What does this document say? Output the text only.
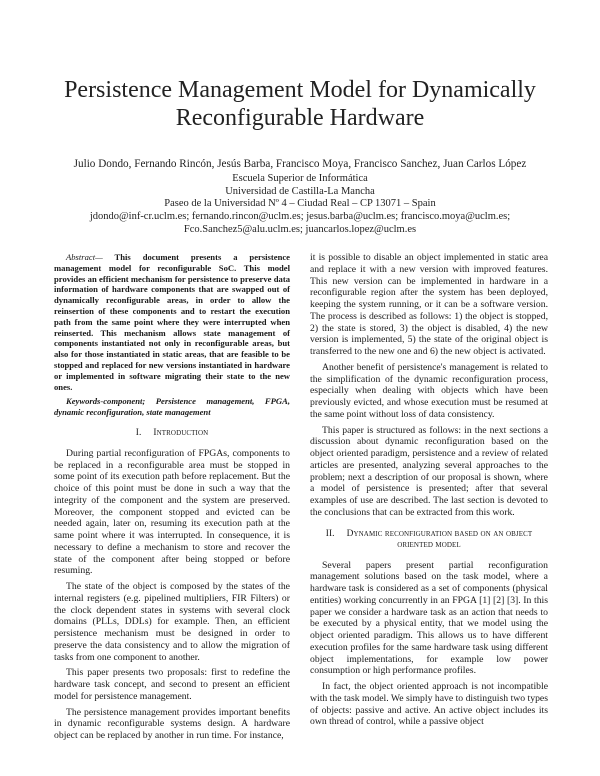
Persistence Management Model for Dynamically
Reconfigurable Hardware
Julio Dondo, Fernando Rincón, Jesús Barba, Francisco Moya, Francisco Sanchez, Juan Carlos López
Escuela Superior de Informática
Universidad de Castilla-La Mancha
Paseo de la Universidad Nº 4 – Ciudad Real – CP 13071 – Spain
jdondo@inf-cr.uclm.es; fernando.rincon@uclm.es; jesus.barba@uclm.es; francisco.moya@uclm.es;
Fco.Sanchez5@alu.uclm.es; juancarlos.lopez@uclm.es

Abstract— This document presents a persistence management model for reconfigurable SoC. This model provides an efficient mechanism for persistence to preserve data information of hardware components that are swapped out of dynamically reconfigurable areas, in order to allow the reinsertion of these components and to restart the execution path from the same point where they were interrupted when reinserted. This mechanism allows state management of components instantiated not only in reconfigurable areas, but also for those instantiated in static areas, that are feasible to be stopped and replaced for new versions instantiated in hardware or implemented in software migrating their state to the new ones.

Keywords-component; Persistence management, FPGA, dynamic reconfiguration, state management

I. Introduction

During partial reconfiguration of FPGAs, components to be replaced in a reconfigurable area must be stopped in some point of its execution path before replacement. But the choice of this point must be done in such a way that the integrity of the component and the system are preserved. Moreover, the component stopped and evicted can be needed again, later on, resuming its execution path at the same point where it was interrupted. In consequence, it is necessary to define a mechanism to store and recover the state of the component after being stopped or before resuming.

The state of the object is composed by the states of the internal registers (e.g. pipelined multipliers, FIR Filters) or the clock dependent states in systems with several clock domains (PLLs, DDLs) for example. Then, an efficient persistence mechanism must be designed in order to preserve the data consistency and to allow the migration of tasks from one component to another.

This paper presents two proposals: first to redefine the hardware task concept, and second to present an efficient model for persistence management.

The persistence management provides important benefits in dynamic reconfigurable systems design. A hardware object can be replaced by another in run time. For instance,

it is possible to disable an object implemented in static area and replace it with a new version with improved features. This new version can be implemented in hardware in a reconfigurable region after the system has been deployed, keeping the system running, or it can be a software version. The process is described as follows: 1) the object is stopped, 2) the state is stored, 3) the object is disabled, 4) the new version is implemented, 5) the state of the original object is transferred to the new one and 6) the new object is activated.

Another benefit of persistence's management is related to the simplification of the dynamic reconfiguration process, especially when dealing with objects which have been previously evicted, and whose execution must be resumed at the same point without loss of data consistency.

This paper is structured as follows: in the next sections a discussion about dynamic reconfiguration based on the object oriented paradigm, persistence and a review of related articles are presented, analyzing several approaches to the problem; next a description of our proposal is shown, where a model of persistence is presented; after that several examples of use are described. The last section is devoted to the conclusions that can be extracted from this work.

II. Dynamic reconfiguration based on an object
oriented model

Several papers present partial reconfiguration management solutions based on the task model, where a hardware task is considered as a set of components (physical entities) working concurrently in an FPGA [1] [2] [3]. In this paper we consider a hardware task as an action that needs to be executed by a physical entity, that we model using the object oriented paradigm. This allows us to have different execution profiles for the same hardware task using different object implementations, for example low power consumption or high performance profiles.

In fact, the object oriented approach is not incompatible with the task model. We simply have to distinguish two types of objects: passive and active. An active object includes its own thread of control, while a passive object
